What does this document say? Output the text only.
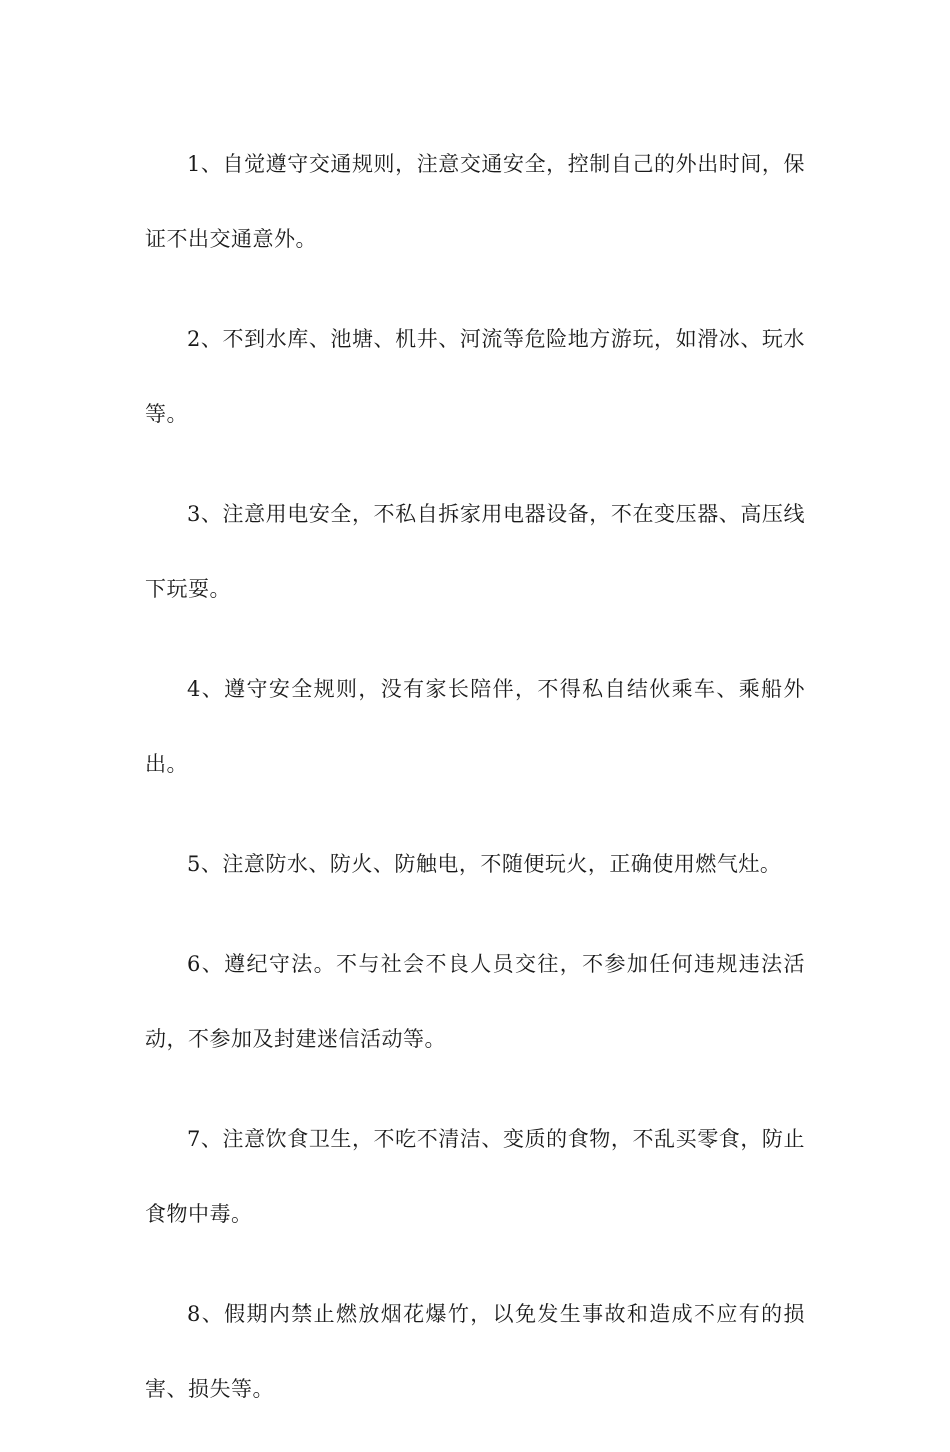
1、自觉遵守交通规则，注意交通安全，控制自己的外出时间，保证不出交通意外。

2、不到水库、池塘、机井、河流等危险地方游玩，如滑冰、玩水等。

3、注意用电安全，不私自拆家用电器设备，不在变压器、高压线下玩耍。

4、遵守安全规则，没有家长陪伴，不得私自结伙乘车、乘船外出。

5、注意防水、防火、防触电，不随便玩火，正确使用燃气灶。

6、遵纪守法。不与社会不良人员交往，不参加任何违规违法活动，不参加及封建迷信活动等。

7、注意饮食卫生，不吃不清洁、变质的食物，不乱买零食，防止食物中毒。

8、假期内禁止燃放烟花爆竹，以免发生事故和造成不应有的损害、损失等。
